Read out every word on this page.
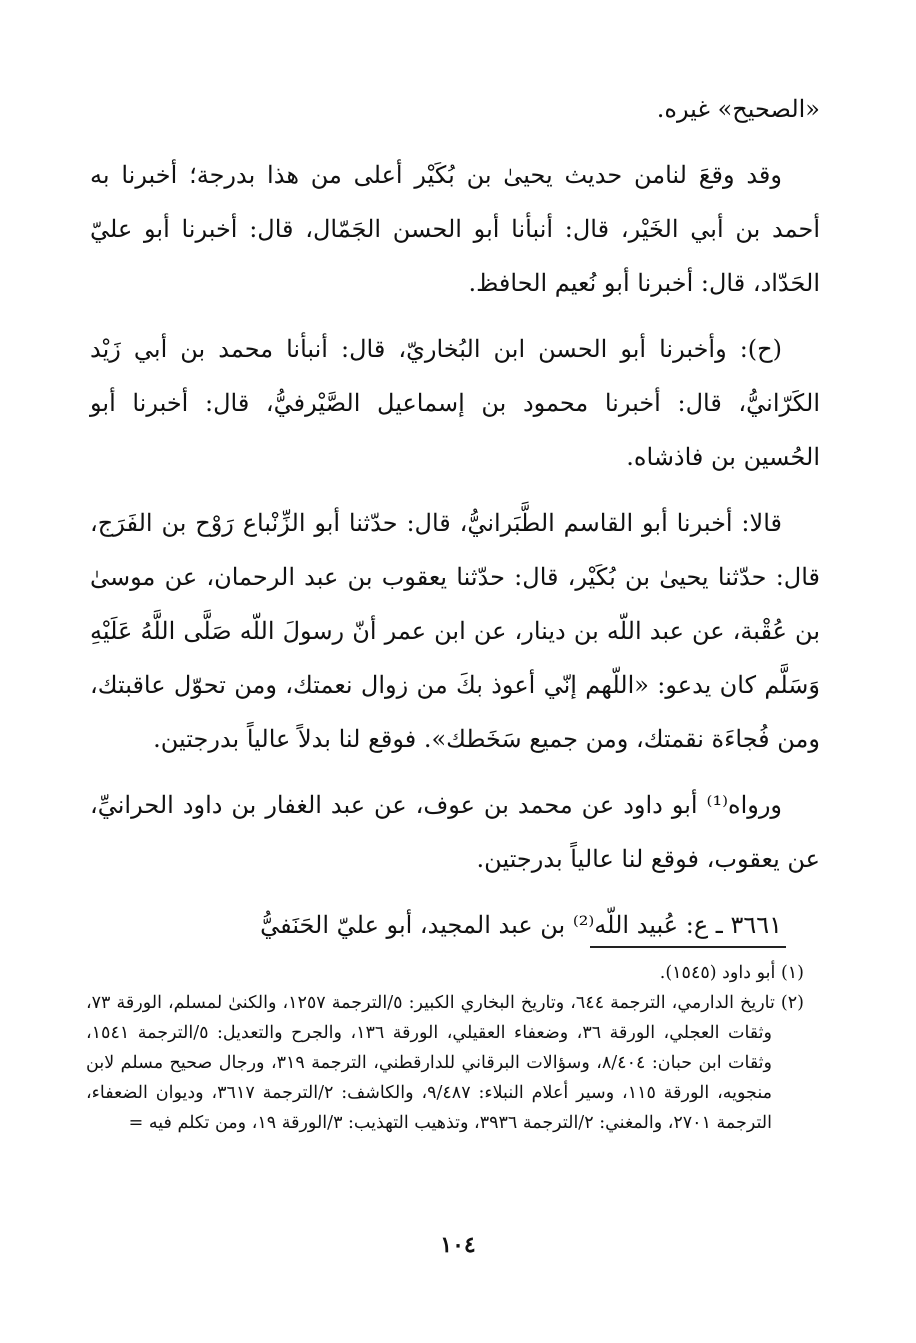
«الصحيح» غيره.

وقد وقعَ لنامن حديث يحيىٰ بن بُكَيْر أعلى من هذا بدرجة؛ أخبرنا به أحمد بن أبي الخَيْر، قال: أنبأنا أبو الحسن الجَمّال، قال: أخبرنا أبو عليّ الحَدّاد، قال: أخبرنا أبو نُعيم الحافظ.

(ح): وأخبرنا أبو الحسن ابن البُخاريّ، قال: أنبأنا محمد بن أبي زَيْد الكَرّانيُّ، قال: أخبرنا محمود بن إسماعيل الصَّيْرفيُّ، قال: أخبرنا أبو الحُسين بن فاذشاه.

قالا: أخبرنا أبو القاسم الطَّبَرانيُّ، قال: حدّثنا أبو الزِّنْباع رَوْح بن الفَرَج، قال: حدّثنا يحيىٰ بن بُكَيْر، قال: حدّثنا يعقوب بن عبد الرحمان، عن موسىٰ بن عُقْبة، عن عبد اللّه بن دينار، عن ابن عمر أنّ رسولَ اللّه صَلَّى اللَّهُ عَلَيْهِ وَسَلَّم كان يدعو: «اللّهم إنّي أعوذ بكَ من زوال نعمتك، ومن تحوّل عاقبتك، ومن فُجاءَة نقمتك، ومن جميع سَخَطك». فوقع لنا بدلاً عالياً بدرجتين.

ورواه⁽¹⁾ أبو داود عن محمد بن عوف، عن عبد الغفار بن داود الحرانيِّ، عن يعقوب، فوقع لنا عالياً بدرجتين.

٣٦٦١ ـ ع: عُبيد اللّه⁽²⁾ بن عبد المجيد، أبو عليّ الحَنَفيُّ

(١) أبو داود (١٥٤٥).

(٢) تاريخ الدارمي، الترجمة ٦٤٤، وتاريخ البخاري الكبير: ٥/الترجمة ١٢٥٧، والكنىٰ لمسلم، الورقة ٧٣، وثقات العجلي، الورقة ٣٦، وضعفاء العقيلي، الورقة ١٣٦، والجرح والتعديل: ٥/الترجمة ١٥٤١، وثقات ابن حبان: ٨/٤٠٤، وسؤالات البرقاني للدارقطني، الترجمة ٣١٩، ورجال صحيح مسلم لابن منجويه، الورقة ١١٥، وسير أعلام النبلاء: ٩/٤٨٧، والكاشف: ٢/الترجمة ٣٦١٧، وديوان الضعفاء، الترجمة ٢٧٠١، والمغني: ٢/الترجمة ٣٩٣٦، وتذهيب التهذيب: ٣/الورقة ١٩، ومن تكلم فيه =

١٠٤
